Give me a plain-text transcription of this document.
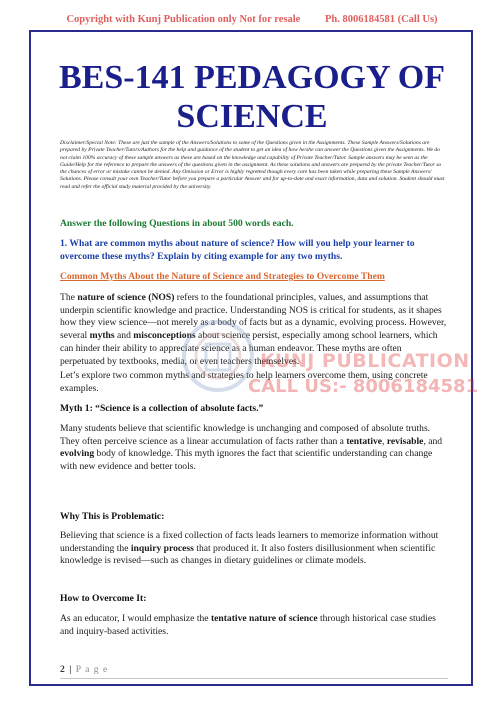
Copyright with Kunj Publication only Not for resale Ph. 8006184581 (Call Us)
BES-141 PEDAGOGY OF
SCIENCE
Disclaimer/Special Note: These are just the sample of the Answers/Solutions to some of the Questions given in the Assignments. These Sample Answers/Solutions are prepared by Private Teacher/Tutors/Authors for the help and guidance of the student to get an idea of how he/she can answer the Questions given the Assignments. We do not claim 100% accuracy of these sample answers as these are based on the knowledge and capability of Private Teacher/Tutor. Sample answers may be seen as the Guide/Help for the reference to prepare the answers of the questions given in the assignment. As these solutions and answers are prepared by the private Teacher/Tutor so the chances of error or mistake cannot be denied. Any Omission or Error is highly regretted though every care has been taken while preparing these Sample Answers/ Solutions. Please consult your own Teacher/Tutor before you prepare a particular Answer and for up-to-date and exact information, data and solution. Student should must read and refer the official study material provided by the university.
Answer the following Questions in about 500 words each.
1. What are common myths about nature of science? How will you help your learner to overcome these myths? Explain by citing example for any two myths.
Common Myths About the Nature of Science and Strategies to Overcome Them
The nature of science (NOS) refers to the foundational principles, values, and assumptions that underpin scientific knowledge and practice. Understanding NOS is critical for students, as it shapes how they view science—not merely as a body of facts but as a dynamic, evolving process. However, several myths and misconceptions about science persist, especially among school learners, which can hinder their ability to appreciate science as a human endeavor. These myths are often perpetuated by textbooks, media, or even teachers themselves.
Let’s explore two common myths and strategies to help learners overcome them, using concrete examples.
Myth 1: “Science is a collection of absolute facts.”
Many students believe that scientific knowledge is unchanging and composed of absolute truths. They often perceive science as a linear accumulation of facts rather than a tentative, revisable, and evolving body of knowledge. This myth ignores the fact that scientific understanding can change with new evidence and better tools.
Why This is Problematic:
Believing that science is a fixed collection of facts leads learners to memorize information without understanding the inquiry process that produced it. It also fosters disillusionment when scientific knowledge is revised—such as changes in dietary guidelines or climate models.
How to Overcome It:
As an educator, I would emphasize the tentative nature of science through historical case studies and inquiry-based activities.
KUNJ PUBLICATION
CALL US:- 8006184581
2 | P a g e
